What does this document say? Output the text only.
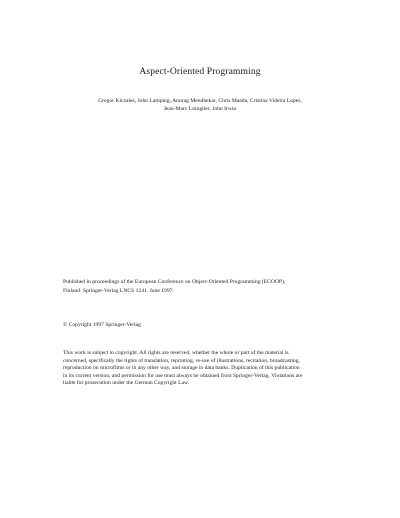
Aspect-Oriented Programming
Gregor Kiczales, John Lamping, Anurag Mendhekar, Chris Maeda, Cristina Videira Lopes,
Jean-Marc Loingtier, John Irwin
Published in proceedings of the European Conference on Object-Oriented Programming (ECOOP),
Finland. Springer-Verlag LNCS 1241. June 1997.
© Copyright 1997 Springer-Verlag
This work is subject to copyright. All rights are reserved, whether the whole or part of the material is
concerned, specifically the rights of translation, reprinting, re-use of illustrations, recitation, broadcasting,
reproduction on microfilms or in any other way, and storage in data banks. Duplication of this publication
in its current version, and permission for use must always be obtained from Springer-Verlag. Violations are
liable for prosecution under the German Copyright Law.
